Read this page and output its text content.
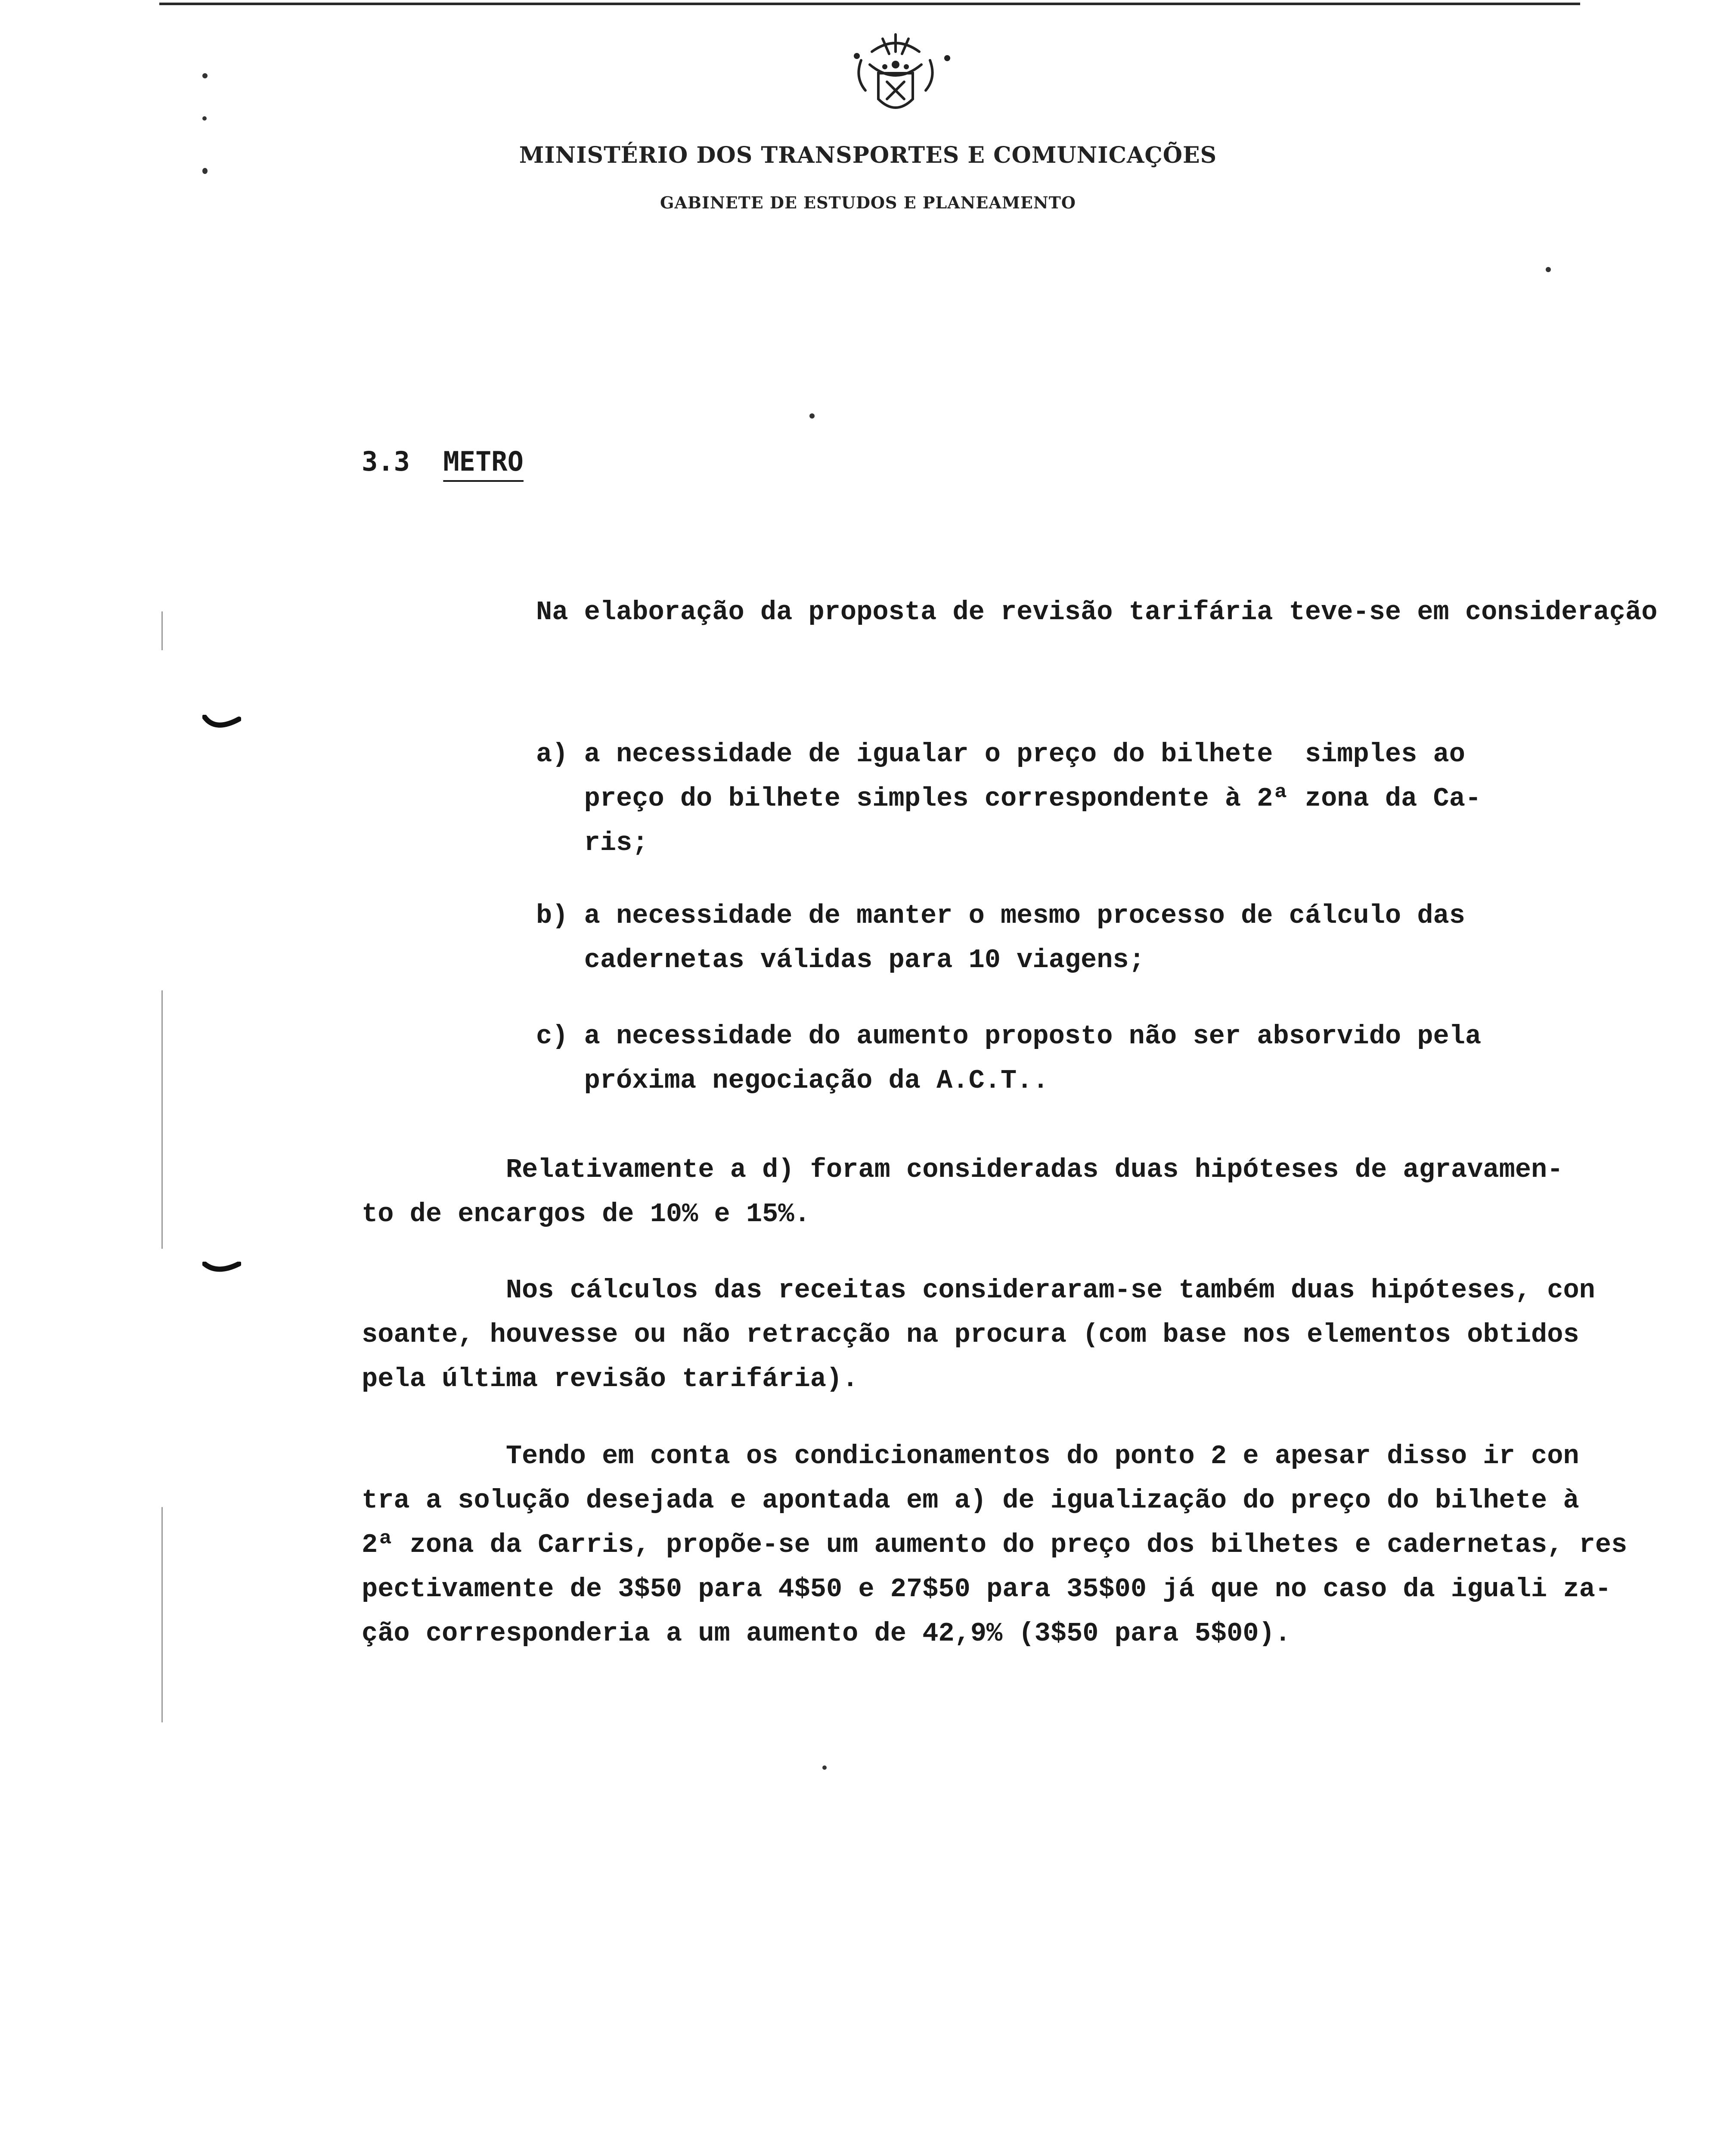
MINISTÉRIO DOS TRANSPORTES E COMUNICAÇÕES
GABINETE DE ESTUDOS E PLANEAMENTO
3.3 METRO
Na elaboração da proposta de revisão tarifária teve-se em consideração
a) a necessidade de igualar o preço do bilhete  simples ao
preço do bilhete simples correspondente à 2ª zona da Ca-
ris;
b) a necessidade de manter o mesmo processo de cálculo das
cadernetas válidas para 10 viagens;
c) a necessidade do aumento proposto não ser absorvido pela
próxima negociação da A.C.T..
Relativamente a d) foram consideradas duas hipóteses de agravamen-
to de encargos de 10% e 15%.
Nos cálculos das receitas consideraram-se também duas hipóteses, con
soante, houvesse ou não retracção na procura (com base nos elementos obtidos
pela última revisão tarifária).
Tendo em conta os condicionamentos do ponto 2 e apesar disso ir con
tra a solução desejada e apontada em a) de igualização do preço do bilhete à
2ª zona da Carris, propõe-se um aumento do preço dos bilhetes e cadernetas, res
pectivamente de 3$50 para 4$50 e 27$50 para 35$00 já que no caso da iguali za-
ção corresponderia a um aumento de 42,9% (3$50 para 5$00).
